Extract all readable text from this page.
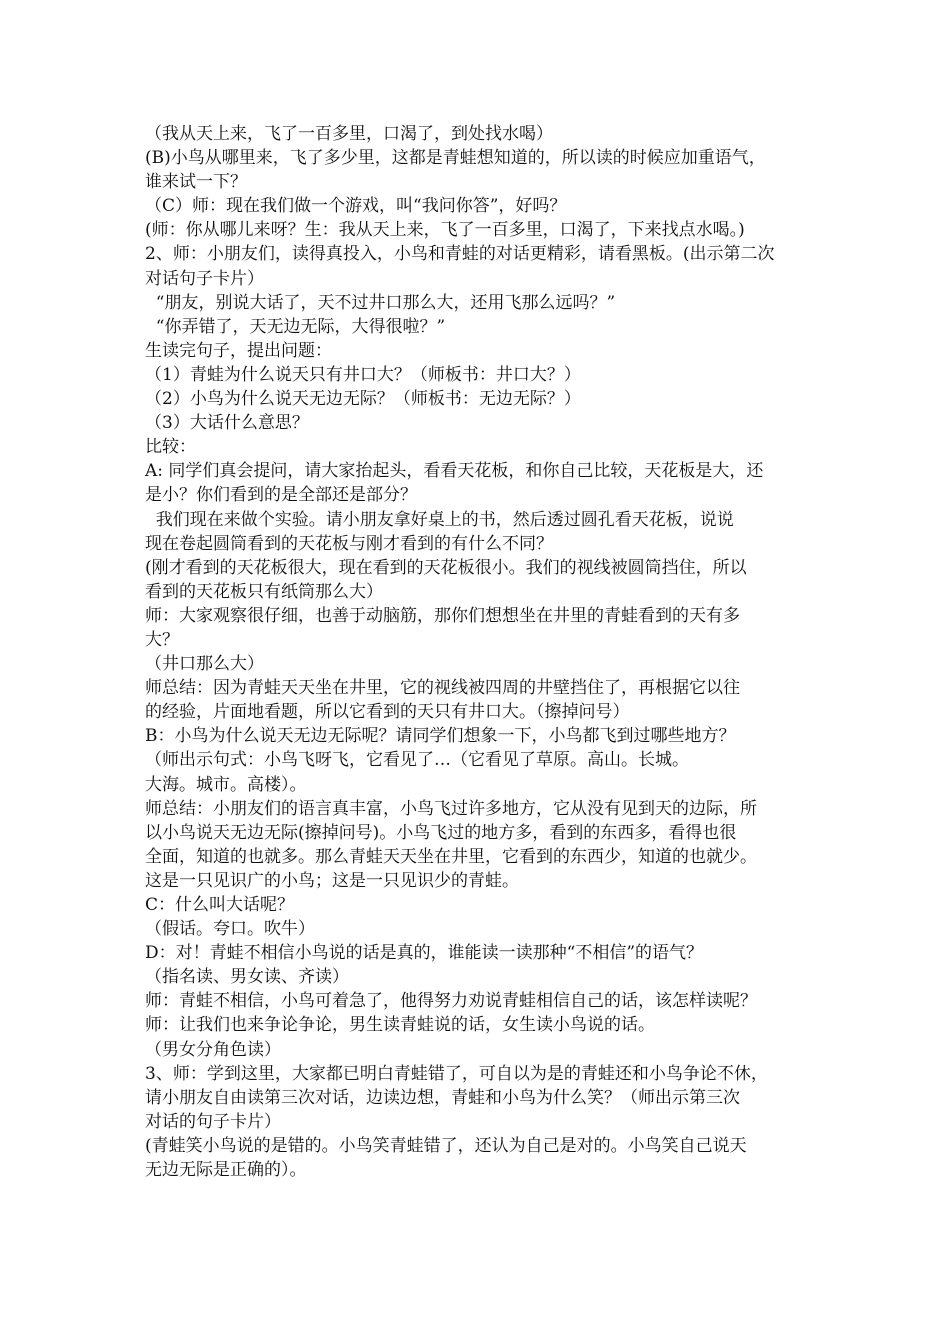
（我从天上来，飞了一百多里，口渴了，到处找水喝）
(B)小鸟从哪里来，飞了多少里，这都是青蛙想知道的，所以读的时候应加重语气，
谁来试一下？
（C）师：现在我们做一个游戏，叫“我问你答”，好吗？
(师：你从哪儿来呀？生：我从天上来，飞了一百多里，口渴了，下来找点水喝。)
2、师：小朋友们，读得真投入，小鸟和青蛙的对话更精彩，请看黑板。(出示第二次
对话句子卡片）
“朋友，别说大话了，天不过井口那么大，还用飞那么远吗？”
“你弄错了，天无边无际，大得很啦？”
生读完句子，提出问题：
（1）青蛙为什么说天只有井口大？（师板书：井口大？）
（2）小鸟为什么说天无边无际？（师板书：无边无际？）
（3）大话什么意思？
比较：
A: 同学们真会提问，请大家抬起头，看看天花板，和你自己比较，天花板是大，还
是小？你们看到的是全部还是部分？
我们现在来做个实验。请小朋友拿好桌上的书，然后透过圆孔看天花板，说说
现在卷起圆筒看到的天花板与刚才看到的有什么不同？
(刚才看到的天花板很大，现在看到的天花板很小。我们的视线被圆筒挡住，所以
看到的天花板只有纸筒那么大）
师：大家观察很仔细，也善于动脑筋，那你们想想坐在井里的青蛙看到的天有多
大？
（井口那么大）
师总结：因为青蛙天天坐在井里，它的视线被四周的井壁挡住了，再根据它以往
的经验，片面地看题，所以它看到的天只有井口大。（擦掉问号）
B：小鸟为什么说天无边无际呢？请同学们想象一下，小鸟都飞到过哪些地方？
（师出示句式：小鸟飞呀飞，它看见了…（它看见了草原。高山。长城。
大海。城市。高楼）。
师总结：小朋友们的语言真丰富，小鸟飞过许多地方，它从没有见到天的边际，所
以小鸟说天无边无际(擦掉问号)。小鸟飞过的地方多，看到的东西多，看得也很
全面，知道的也就多。那么青蛙天天坐在井里，它看到的东西少，知道的也就少。
这是一只见识广的小鸟；这是一只见识少的青蛙。
C：什么叫大话呢？
（假话。夸口。吹牛）
D：对！青蛙不相信小鸟说的话是真的，谁能读一读那种“不相信”的语气？
（指名读、男女读、齐读）
师：青蛙不相信，小鸟可着急了，他得努力劝说青蛙相信自己的话，该怎样读呢？
师：让我们也来争论争论，男生读青蛙说的话，女生读小鸟说的话。
（男女分角色读）
3、师：学到这里，大家都已明白青蛙错了，可自以为是的青蛙还和小鸟争论不休，
请小朋友自由读第三次对话，边读边想，青蛙和小鸟为什么笑？（师出示第三次
对话的句子卡片）
(青蛙笑小鸟说的是错的。小鸟笑青蛙错了，还认为自己是对的。小鸟笑自己说天
无边无际是正确的）。
